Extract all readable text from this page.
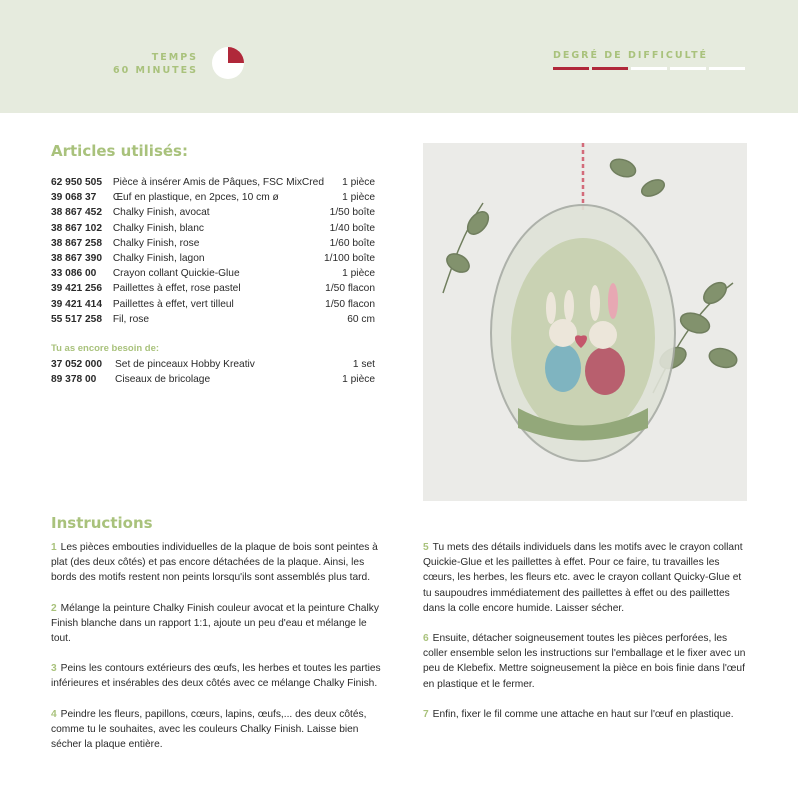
TEMPS
60 MINUTES
DEGRÉ DE DIFFICULTÉ
Articles utilisés:
62 950 505	Pièce à insérer Amis de Pâques, FSC MixCred	1 pièce
39 068 37	Œuf en plastique, en 2pces, 10 cm ø	1 pièce
38 867 452	Chalky Finish, avocat	1/50 boîte
38 867 102	Chalky Finish, blanc	1/40 boîte
38 867 258	Chalky Finish, rose	1/60 boîte
38 867 390	Chalky Finish, lagon	1/100 boîte
33 086 00	Crayon collant Quickie-Glue	1 pièce
39 421 256	Paillettes à effet, rose pastel	1/50 flacon
39 421 414	Paillettes à effet, vert tilleul	1/50 flacon
55 517 258	Fil, rose	60 cm
Tu as encore besoin de:
37 052 000	Set de pinceaux Hobby Kreativ	1 set
89 378 00	Ciseaux de bricolage	1 pièce
Instructions

1 Les pièces embouties individuelles de la plaque de bois sont peintes à plat (des deux côtés) et pas encore détachées de la plaque. Ainsi, les bords des motifs restent non peints lorsqu'ils sont assemblés plus tard.

2 Mélange la peinture Chalky Finish couleur avocat et la peinture Chalky Finish blanche dans un rapport 1:1, ajoute un peu d'eau et mélange le tout.

3 Peins les contours extérieurs des œufs, les herbes et toutes les parties inférieures et insérables des deux côtés avec ce mélange Chalky Finish.

4 Peindre les fleurs, papillons, cœurs, lapins, œufs,... des deux côtés, comme tu le souhaites, avec les couleurs Chalky Finish. Laisse bien sécher la plaque entière.

5 Tu mets des détails individuels dans les motifs avec le crayon collant Quickie-Glue et les paillettes à effet. Pour ce faire, tu travailles les cœurs, les herbes, les fleurs etc. avec le crayon collant Quicky-Glue et tu saupoudres immédiatement des paillettes à effet ou des paillettes dans la colle encore humide. Laisser sécher.

6 Ensuite, détacher soigneusement toutes les pièces perforées, les coller ensemble selon les instructions sur l'emballage et le fixer avec un peu de Klebefix. Mettre soigneusement la pièce en bois finie dans l'œuf en plastique et le fermer.

7 Enfin, fixer le fil comme une attache en haut sur l'œuf en plastique.
